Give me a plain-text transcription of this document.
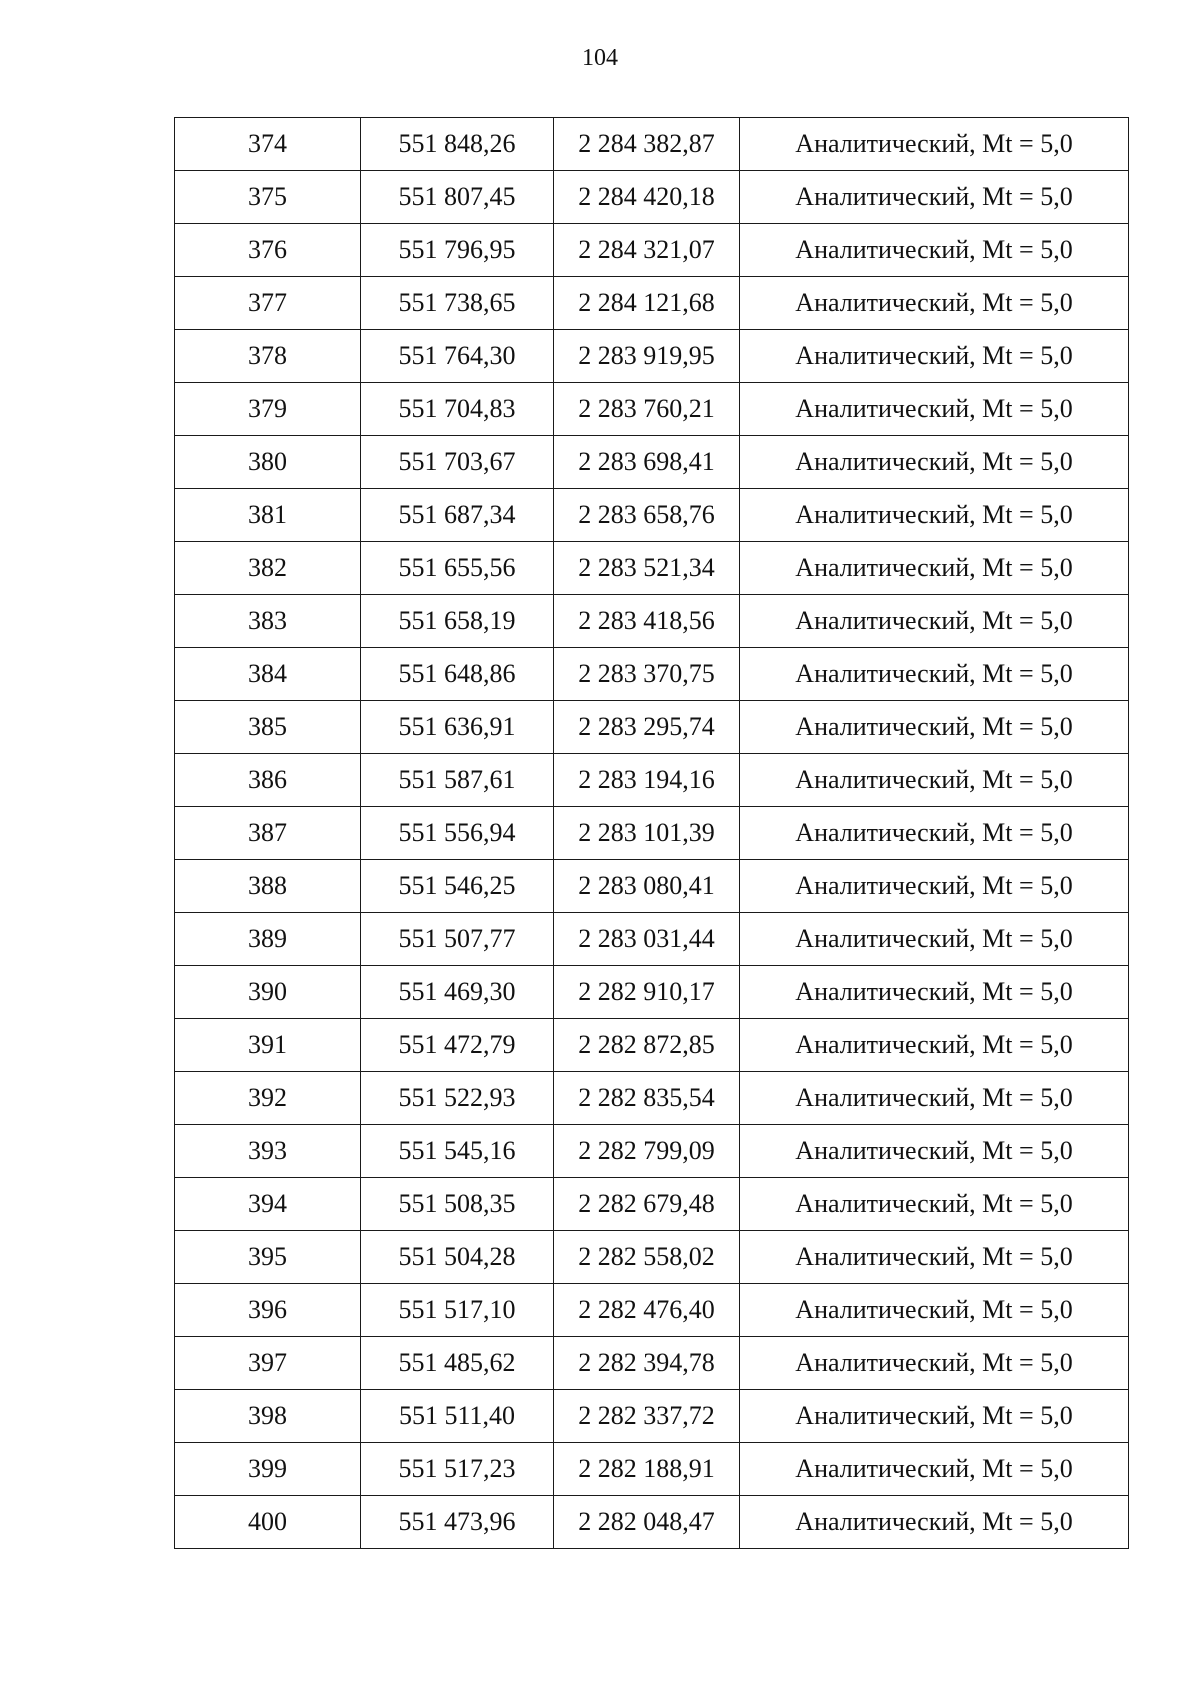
104
374	551 848,26	2 284 382,87	Аналитический, Mt = 5,0
375	551 807,45	2 284 420,18	Аналитический, Mt = 5,0
376	551 796,95	2 284 321,07	Аналитический, Mt = 5,0
377	551 738,65	2 284 121,68	Аналитический, Mt = 5,0
378	551 764,30	2 283 919,95	Аналитический, Mt = 5,0
379	551 704,83	2 283 760,21	Аналитический, Mt = 5,0
380	551 703,67	2 283 698,41	Аналитический, Mt = 5,0
381	551 687,34	2 283 658,76	Аналитический, Mt = 5,0
382	551 655,56	2 283 521,34	Аналитический, Mt = 5,0
383	551 658,19	2 283 418,56	Аналитический, Mt = 5,0
384	551 648,86	2 283 370,75	Аналитический, Mt = 5,0
385	551 636,91	2 283 295,74	Аналитический, Mt = 5,0
386	551 587,61	2 283 194,16	Аналитический, Mt = 5,0
387	551 556,94	2 283 101,39	Аналитический, Mt = 5,0
388	551 546,25	2 283 080,41	Аналитический, Mt = 5,0
389	551 507,77	2 283 031,44	Аналитический, Mt = 5,0
390	551 469,30	2 282 910,17	Аналитический, Mt = 5,0
391	551 472,79	2 282 872,85	Аналитический, Mt = 5,0
392	551 522,93	2 282 835,54	Аналитический, Mt = 5,0
393	551 545,16	2 282 799,09	Аналитический, Mt = 5,0
394	551 508,35	2 282 679,48	Аналитический, Mt = 5,0
395	551 504,28	2 282 558,02	Аналитический, Mt = 5,0
396	551 517,10	2 282 476,40	Аналитический, Mt = 5,0
397	551 485,62	2 282 394,78	Аналитический, Mt = 5,0
398	551 511,40	2 282 337,72	Аналитический, Mt = 5,0
399	551 517,23	2 282 188,91	Аналитический, Mt = 5,0
400	551 473,96	2 282 048,47	Аналитический, Mt = 5,0
